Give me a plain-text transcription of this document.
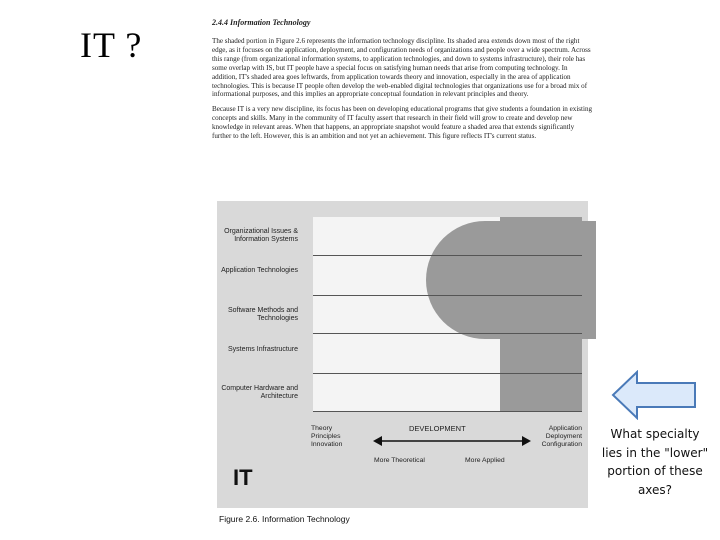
IT ?
2.4.4 Information Technology

The shaded portion in Figure 2.6 represents the information technology discipline. Its shaded area extends down most of the right edge, as it focuses on the application, deployment, and configuration needs of organizations and people over a wide spectrum. Across this range (from organizational information systems, to application technologies, and down to systems infrastructure), their role has some overlap with IS, but IT people have a special focus on satisfying human needs that arise from computing technology. In addition, IT's shaded area goes leftwards, from application towards theory and innovation, especially in the area of application technologies. This is because IT people often develop the web-enabled digital technologies that organizations use for a broad mix of informational purposes, and this implies an appropriate conceptual foundation in relevant principles and theory.

Because IT is a very new discipline, its focus has been on developing educational programs that give students a foundation in existing concepts and skills. Many in the community of IT faculty assert that research in their field will grow to create and develop new knowledge in relevant areas. When that happens, an appropriate snapshot would feature a shaded area that extends significantly further to the left. However, this is an ambition and not yet an achievement. This figure reflects IT's current status.

Organizational Issues & Information Systems
Application Technologies
Software Methods and Technologies
Systems Infrastructure
Computer Hardware and Architecture
Theory Principles Innovation
DEVELOPMENT	Application Deployment Configuration
More Theoretical	More Applied
IT
Figure 2.6. Information Technology
What specialty lies in the "lower" portion of these axes?
